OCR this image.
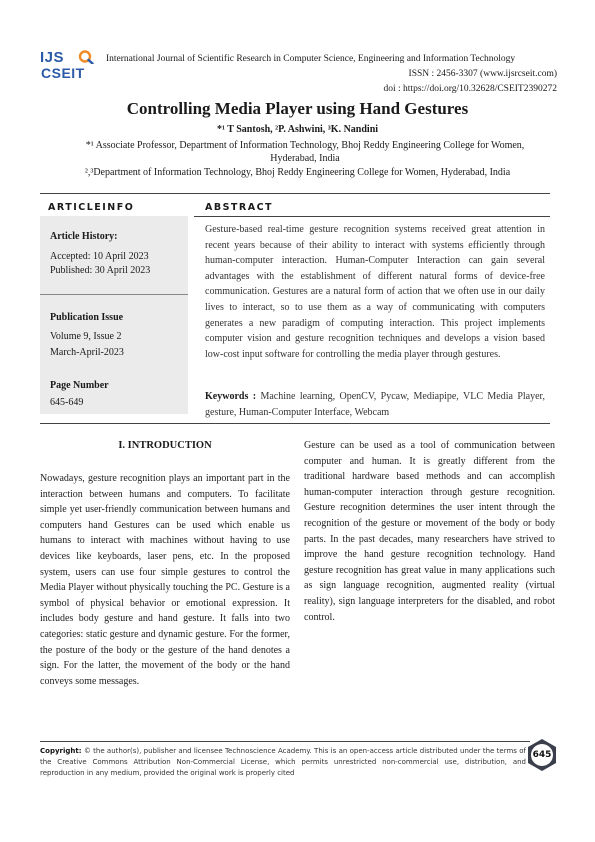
IJS
CSEIT
International Journal of Scientific Research in Computer Science, Engineering and Information Technology
ISSN : 2456-3307 (www.ijsrcseit.com)
doi : https://doi.org/10.32628/CSEIT2390272
Controlling Media Player using Hand Gestures
*¹ T Santosh, ²P. Ashwini, ³K. Nandini
*¹ Associate Professor, Department of Information Technology, Bhoj Reddy Engineering College for Women,
Hyderabad, India
²,³Department of Information Technology, Bhoj Reddy Engineering College for Women, Hyderabad, India
ARTICLEINFO	ABSTRACT
Article History:
Accepted: 10 April 2023
Published: 30 April 2023
Publication Issue
Volume 9, Issue 2
March-April-2023
Page Number
645-649
Gesture-based real-time gesture recognition systems received great attention in recent years because of their ability to interact with systems efficiently through human-computer interaction. Human-Computer Interaction can gain several advantages with the establishment of different natural forms of device-free communication. Gestures are a natural form of action that we often use in our daily lives to interact, so to use them as a way of communicating with computers generates a new paradigm of computing interaction. This project implements computer vision and gesture recognition techniques and develops a vision based low-cost input software for controlling the media player through gestures.
Keywords : Machine learning, OpenCV, Pycaw, Mediapipe, VLC Media Player, gesture, Human-Computer Interface, Webcam
I. INTRODUCTION
Nowadays, gesture recognition plays an important part in the interaction between humans and computers. To facilitate simple yet user-friendly communication between humans and computers hand Gestures can be used which enable us humans to interact with machines without having to use devices like keyboards, laser pens, etc. In the proposed system, users can use four simple gestures to control the Media Player without physically touching the PC. Gesture is a symbol of physical behavior or emotional expression. It includes body gesture and hand gesture. It falls into two categories: static gesture and dynamic gesture. For the former, the posture of the body or the gesture of the hand denotes a sign. For the latter, the movement of the body or the hand conveys some messages.
Gesture can be used as a tool of communication between computer and human. It is greatly different from the traditional hardware based methods and can accomplish human-computer interaction through gesture recognition. Gesture recognition determines the user intent through the recognition of the gesture or movement of the body or body parts. In the past decades, many researchers have strived to improve the hand gesture recognition technology. Hand gesture recognition has great value in many applications such as sign language recognition, augmented reality (virtual reality), sign language interpreters for the disabled, and robot control.
Copyright: © the author(s), publisher and licensee Technoscience Academy. This is an open-access article distributed under the terms of the Creative Commons Attribution Non-Commercial License, which permits unrestricted non-commercial use, distribution, and reproduction in any medium, provided the original work is properly cited
645
